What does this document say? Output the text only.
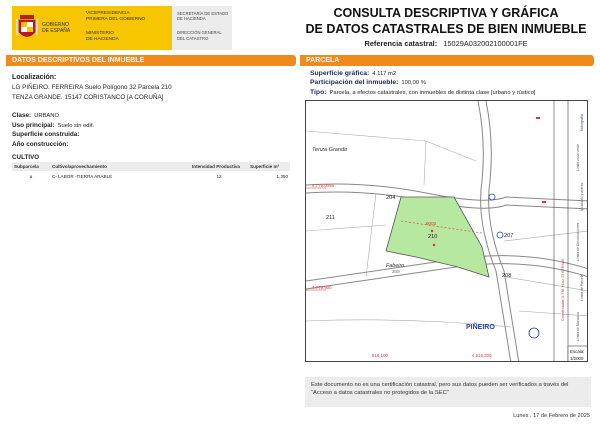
GOBIERNO
DE ESPAÑA
VICEPRESIDENCIA
PRIMERA DEL GOBIERNO
MINISTERIO
DE HACIENDA
SECRETARÍA DE ESTADO
DE HACIENDA
DIRECCIÓN GENERAL
DEL CATASTRO
CONSULTA DESCRIPTIVA Y GRÁFICA
DE DATOS CATASTRALES DE BIEN INMUEBLE
Referencia catastral: 15029A032002100001FE
DATOS DESCRIPTIVOS DEL INMUEBLE	PARCELA
Localización:
LG PIÑEIRO. FERREIRA Suelo Polígono 32 Parcela 210
TENZA GRANDE. 15147 CORISTANCO [A CORUÑA]
Clase: URBANO
Uso principal: Suelo sin edif.
Superficie construida:
Año construcción:
CULTIVO
Subparcela	Cultivo/aprovechamiento	Intensidad Productiva	Superficie m²
a	C- LABOR -TIERRA ARABLE	12	1.350
Superficie gráfica: 4.117 m2
Participación del inmueble: 100,00 %
Tipo: Parcela, a efectos catastrales, con inmuebles de distinta clase [urbano y rústico]
Tenza Grande
PIÑEIRO
Fabeiro
204
211
210	207
208
209
9002
4.779.0055
4.779.900
518,100	4.516,200
Coordenadas U.T.M. Huso 29 ETRS89
Límite de Manzana
Límite de Parcela
Límite de Construcciones
Mobiliario y aceras
Límite zona verde
Hidrografía
Escala:
1/2000
Este documento no es una certificación catastral, pero sus datos pueden ser verificados a través del "Acceso a datos catastrales no protegidos de la SEC"
Lunes , 17 de Febrero de 2025
